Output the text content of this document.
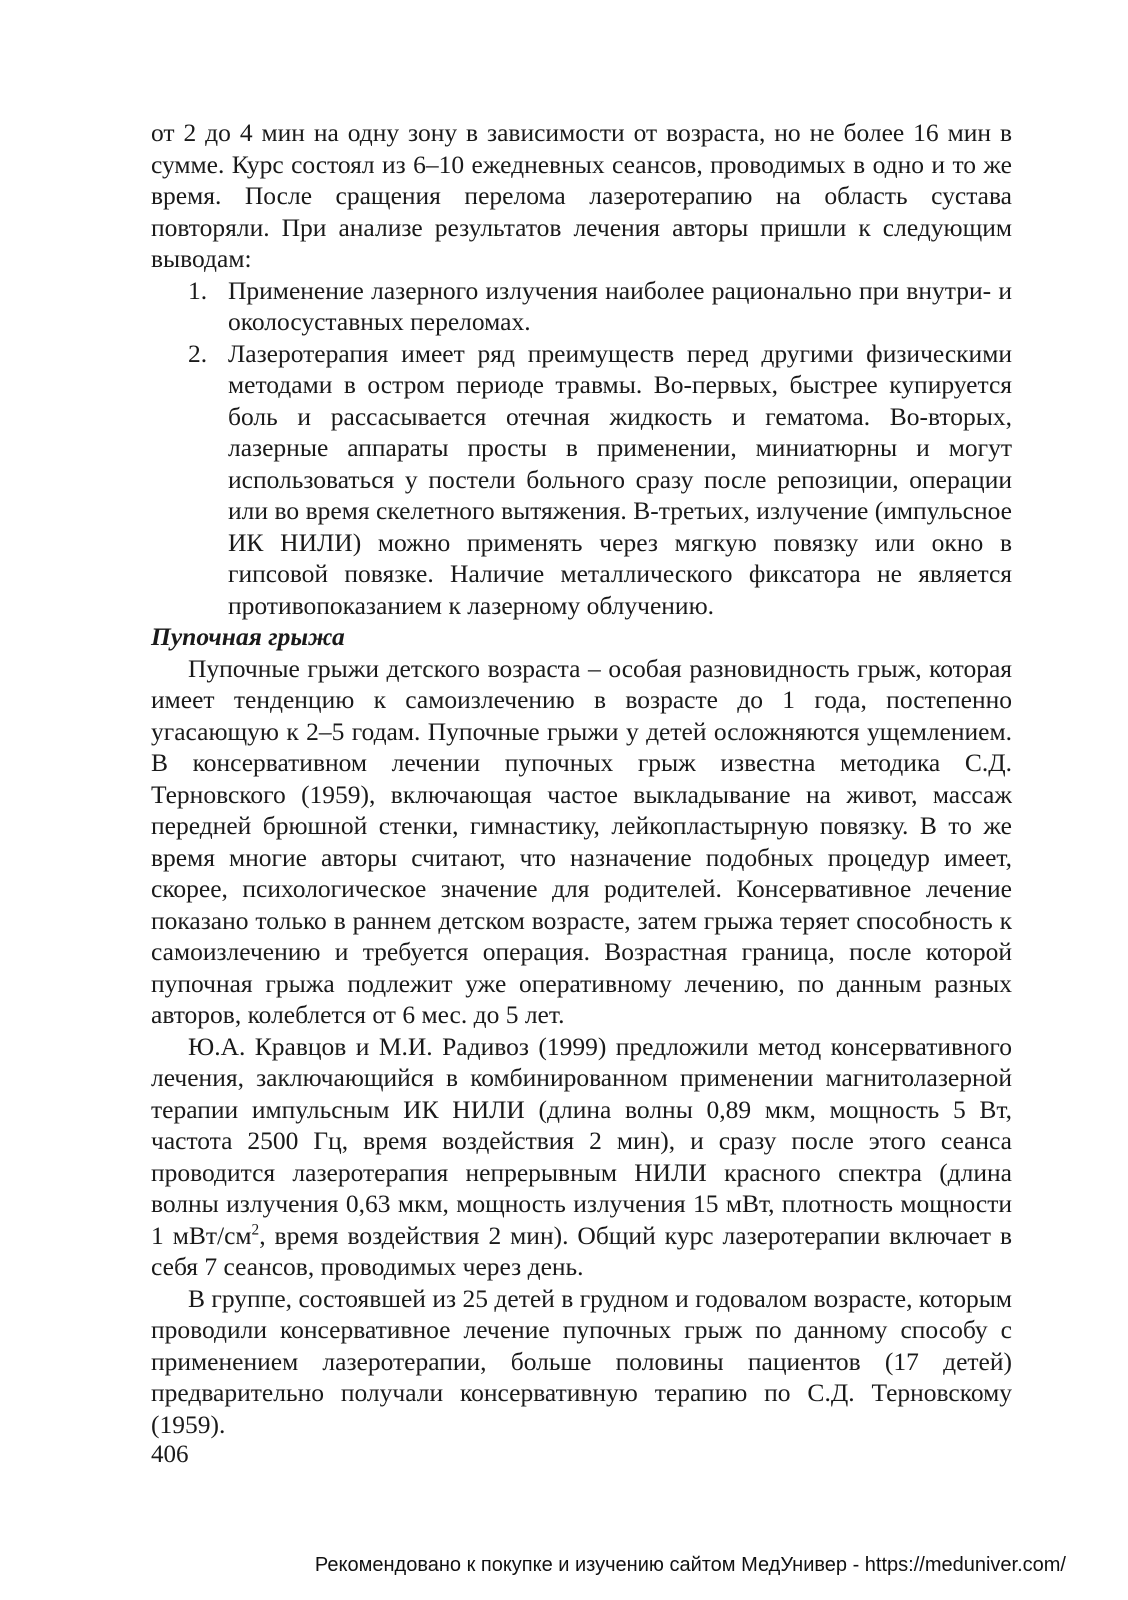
от 2 до 4 мин на одну зону в зависимости от возраста, но не более 16 мин в сумме. Курс состоял из 6–10 ежедневных сеансов, проводимых в одно и то же время. После сращения перелома лазеротерапию на область сустава повторяли. При анализе результатов лечения авторы пришли к следующим выводам:

1. Применение лазерного излучения наиболее рационально при внутри- и околосуставных переломах.
2. Лазеротерапия имеет ряд преимуществ перед другими физическими методами в остром периоде травмы. Во-первых, быстрее купируется боль и рассасывается отечная жидкость и гематома. Во-вторых, лазерные аппараты просты в применении, миниатюрны и могут использоваться у постели больного сразу после репозиции, операции или во время скелетного вытяжения. В-третьих, излучение (импульсное ИК НИЛИ) можно применять через мягкую повязку или окно в гипсовой повязке. Наличие металлического фиксатора не является противопоказанием к лазерному облучению.

Пупочная грыжа

Пупочные грыжи детского возраста – особая разновидность грыж, которая имеет тенденцию к самоизлечению в возрасте до 1 года, постепенно угасающую к 2–5 годам. Пупочные грыжи у детей осложняются ущемлением. В консервативном лечении пупочных грыж известна методика С.Д. Терновского (1959), включающая частое выкладывание на живот, массаж передней брюшной стенки, гимнастику, лейкопластырную повязку. В то же время многие авторы считают, что назначение подобных процедур имеет, скорее, психологическое значение для родителей. Консервативное лечение показано только в раннем детском возрасте, затем грыжа теряет способность к самоизлечению и требуется операция. Возрастная граница, после которой пупочная грыжа подлежит уже оперативному лечению, по данным разных авторов, колеблется от 6 мес. до 5 лет.

Ю.А. Кравцов и М.И. Радивоз (1999) предложили метод консервативного лечения, заключающийся в комбинированном применении магнитолазерной терапии импульсным ИК НИЛИ (длина волны 0,89 мкм, мощность 5 Вт, частота 2500 Гц, время воздействия 2 мин), и сразу после этого сеанса проводится лазеротерапия непрерывным НИЛИ красного спектра (длина волны излучения 0,63 мкм, мощность излучения 15 мВт, плотность мощности 1 мВт/$см^2$, время воздействия 2 мин). Общий курс лазеротерапии включает в себя 7 сеансов, проводимых через день.

В группе, состоявшей из 25 детей в грудном и годовалом возрасте, которым проводили консервативное лечение пупочных грыж по данному способу с применением лазеротерапии, больше половины пациентов (17 детей) предварительно получали консервативную терапию по С.Д. Терновскому (1959).

406
Рекомендовано к покупке и изучению сайтом МедУнивер - https://meduniver.com/
